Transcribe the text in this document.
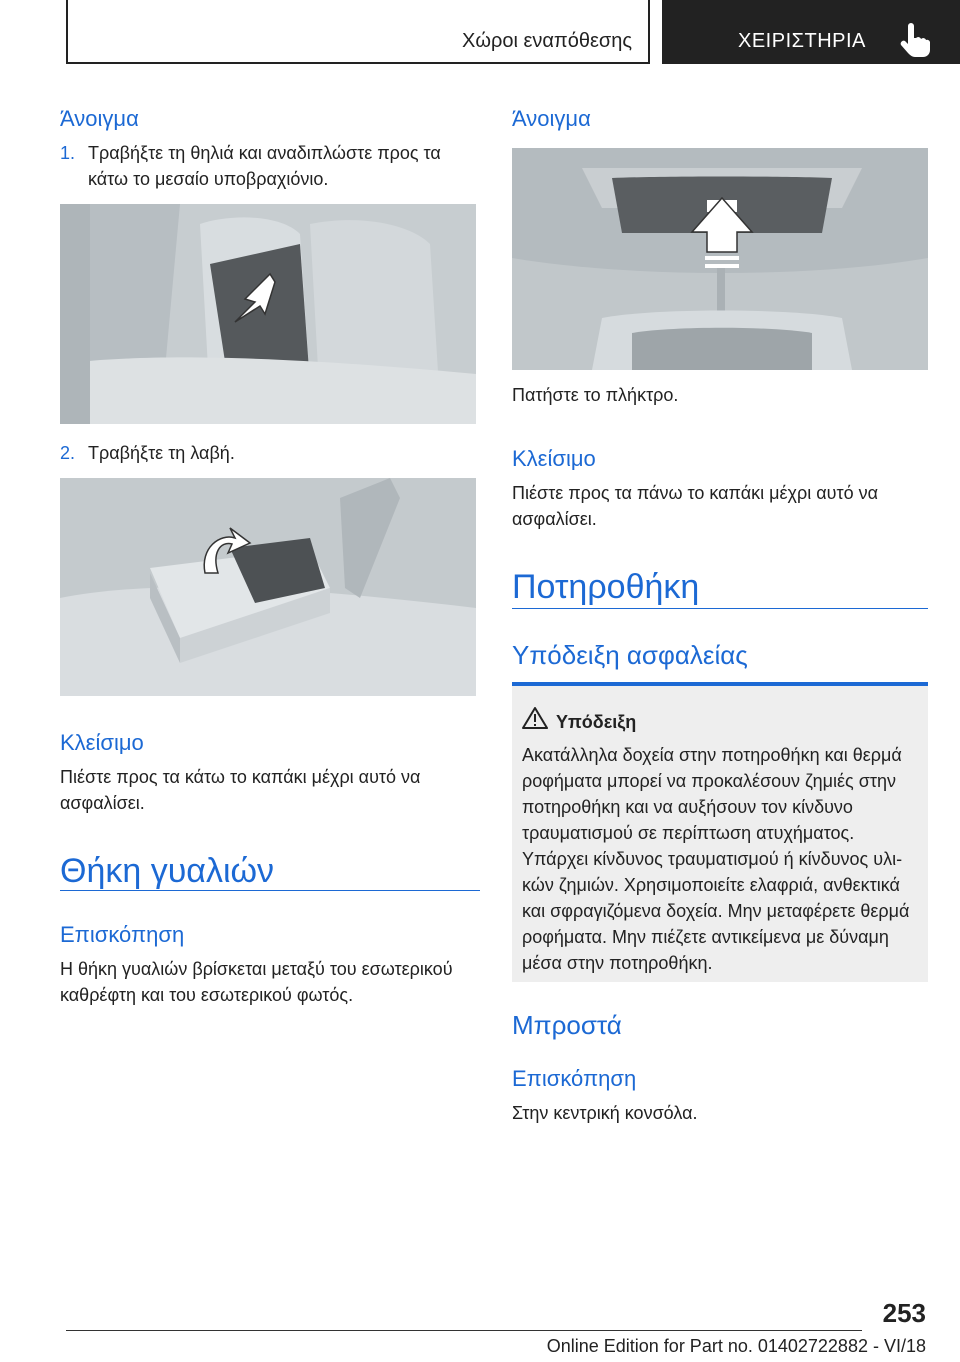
Χώροι εναπόθεσης	ΧΕΙΡΙΣΤΗΡΙΑ
Άνοιγμα
1. Τραβήξτε τη θηλιά και αναδιπλώστε προς τα κάτω το μεσαίο υποβραχιόνιο.
2. Τραβήξτε τη λαβή.
Κλείσιμο
Πιέστε προς τα κάτω το καπάκι μέχρι αυτό να ασφαλίσει.
Θήκη γυαλιών
Επισκόπηση
Η θήκη γυαλιών βρίσκεται μεταξύ του εσωτερικού καθρέφτη και του εσωτερικού φωτός.
Άνοιγμα
Πατήστε το πλήκτρο.
Κλείσιμο
Πιέστε προς τα πάνω το καπάκι μέχρι αυτό να ασφαλίσει.
Ποτηροθήκη
Υπόδειξη ασφαλείας
Υπόδειξη
Ακατάλληλα δοχεία στην ποτηροθήκη και θερμά ροφήματα μπορεί να προκαλέσουν ζημιές στην ποτηροθήκη και να αυξήσουν τον κίνδυνο τραυματισμού σε περίπτωση ατυχήματος. Υπάρχει κίνδυνος τραυματισμού ή κίνδυνος υλικών ζημιών. Χρησιμοποιείτε ελαφριά, ανθεκτικά και σφραγιζόμενα δοχεία. Μην μεταφέρετε θερμά ροφήματα. Μην πιέζετε αντικείμενα με δύναμη μέσα στην ποτηροθήκη.
Μπροστά
Επισκόπηση
Στην κεντρική κονσόλα.
253
Online Edition for Part no. 01402722882 - VI/18
